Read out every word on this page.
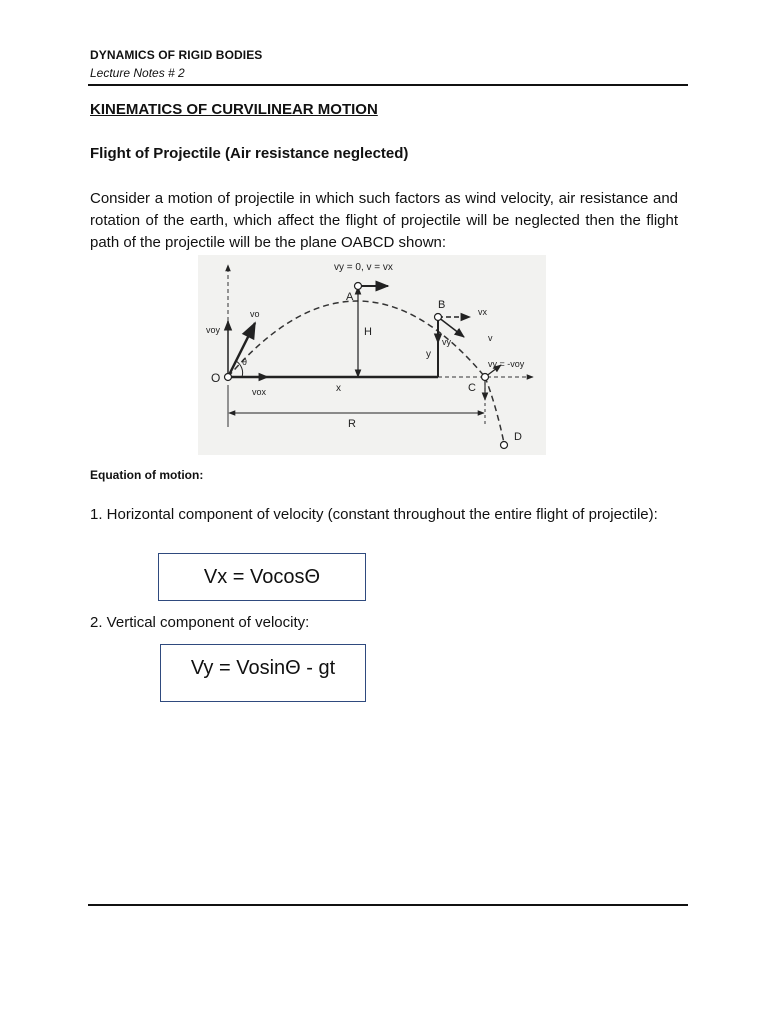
DYNAMICS OF RIGID BODIES
Lecture Notes # 2
KINEMATICS OF CURVILINEAR MOTION
Flight of Projectile (Air resistance neglected)
Consider a motion of projectile in which such factors as wind velocity, air resistance and rotation of the earth, which affect the flight of projectile will be neglected then the flight path of the projectile will be the plane OABCD shown:
vy = 0, v = vx
A
B
C
D
O
vo
voy
vox
θ
H
x
y
R
vy
vx
v
vy = -voy
Equation of motion:
1. Horizontal component of velocity (constant throughout the entire flight of projectile):
Vx = VocosΘ
2. Vertical component of velocity:
Vy = VosinΘ - gt
